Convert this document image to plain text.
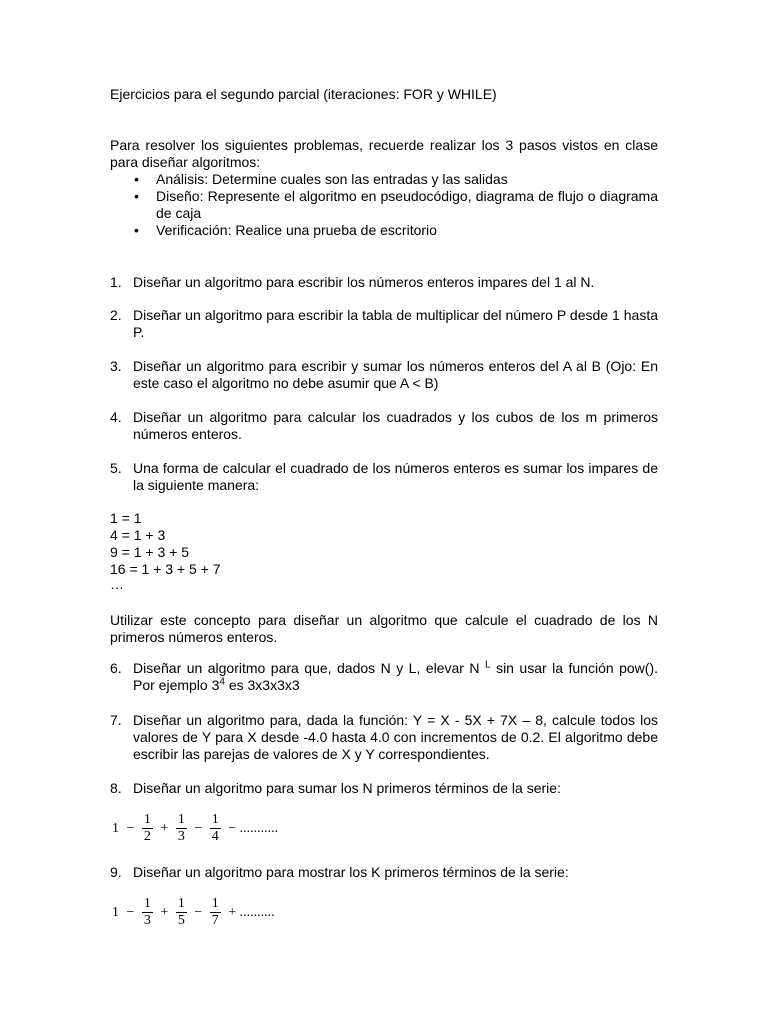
Ejercicios para el segundo parcial (iteraciones: FOR y WHILE)
Para resolver los siguientes problemas, recuerde realizar los 3 pasos vistos en clase para diseñar algoritmos:
• Análisis: Determine cuales son las entradas y las salidas
• Diseño: Represente el algoritmo en pseudocódigo, diagrama de flujo o diagrama de caja
• Verificación: Realice una prueba de escritorio
1. Diseñar un algoritmo para escribir los números enteros impares del 1 al N.
2. Diseñar un algoritmo para escribir la tabla de multiplicar del número P desde 1 hasta P.
3. Diseñar un algoritmo para escribir y sumar los números enteros del A al B (Ojo: En este caso el algoritmo no debe asumir que A < B)
4. Diseñar un algoritmo para calcular los cuadrados y los cubos de los m primeros números enteros.
5. Una forma de calcular el cuadrado de los números enteros es sumar los impares de la siguiente manera:
1 = 1
4 = 1 + 3
9 = 1 + 3 + 5
16 = 1 + 3 + 5 + 7
…
Utilizar este concepto para diseñar un algoritmo que calcule el cuadrado de los N primeros números enteros.
6. Diseñar un algoritmo para que, dados N y L, elevar N $^L$ sin usar la función pow(). Por ejemplo $3^4$ es 3x3x3x3
7. Diseñar un algoritmo para, dada la función: Y = X - 5X + 7X – 8, calcule todos los valores de Y para X desde -4.0 hasta 4.0 con incrementos de 0.2. El algoritmo debe escribir las parejas de valores de X y Y correspondientes.
8. Diseñar un algoritmo para sumar los N primeros términos de la serie:
$1 - \frac{1}{2} + \frac{1}{3} - \frac{1}{4}$ − ...........
9. Diseñar un algoritmo para mostrar los K primeros términos de la serie:
$1 - \frac{1}{3} + \frac{1}{5} - \frac{1}{7}$ + ..........
